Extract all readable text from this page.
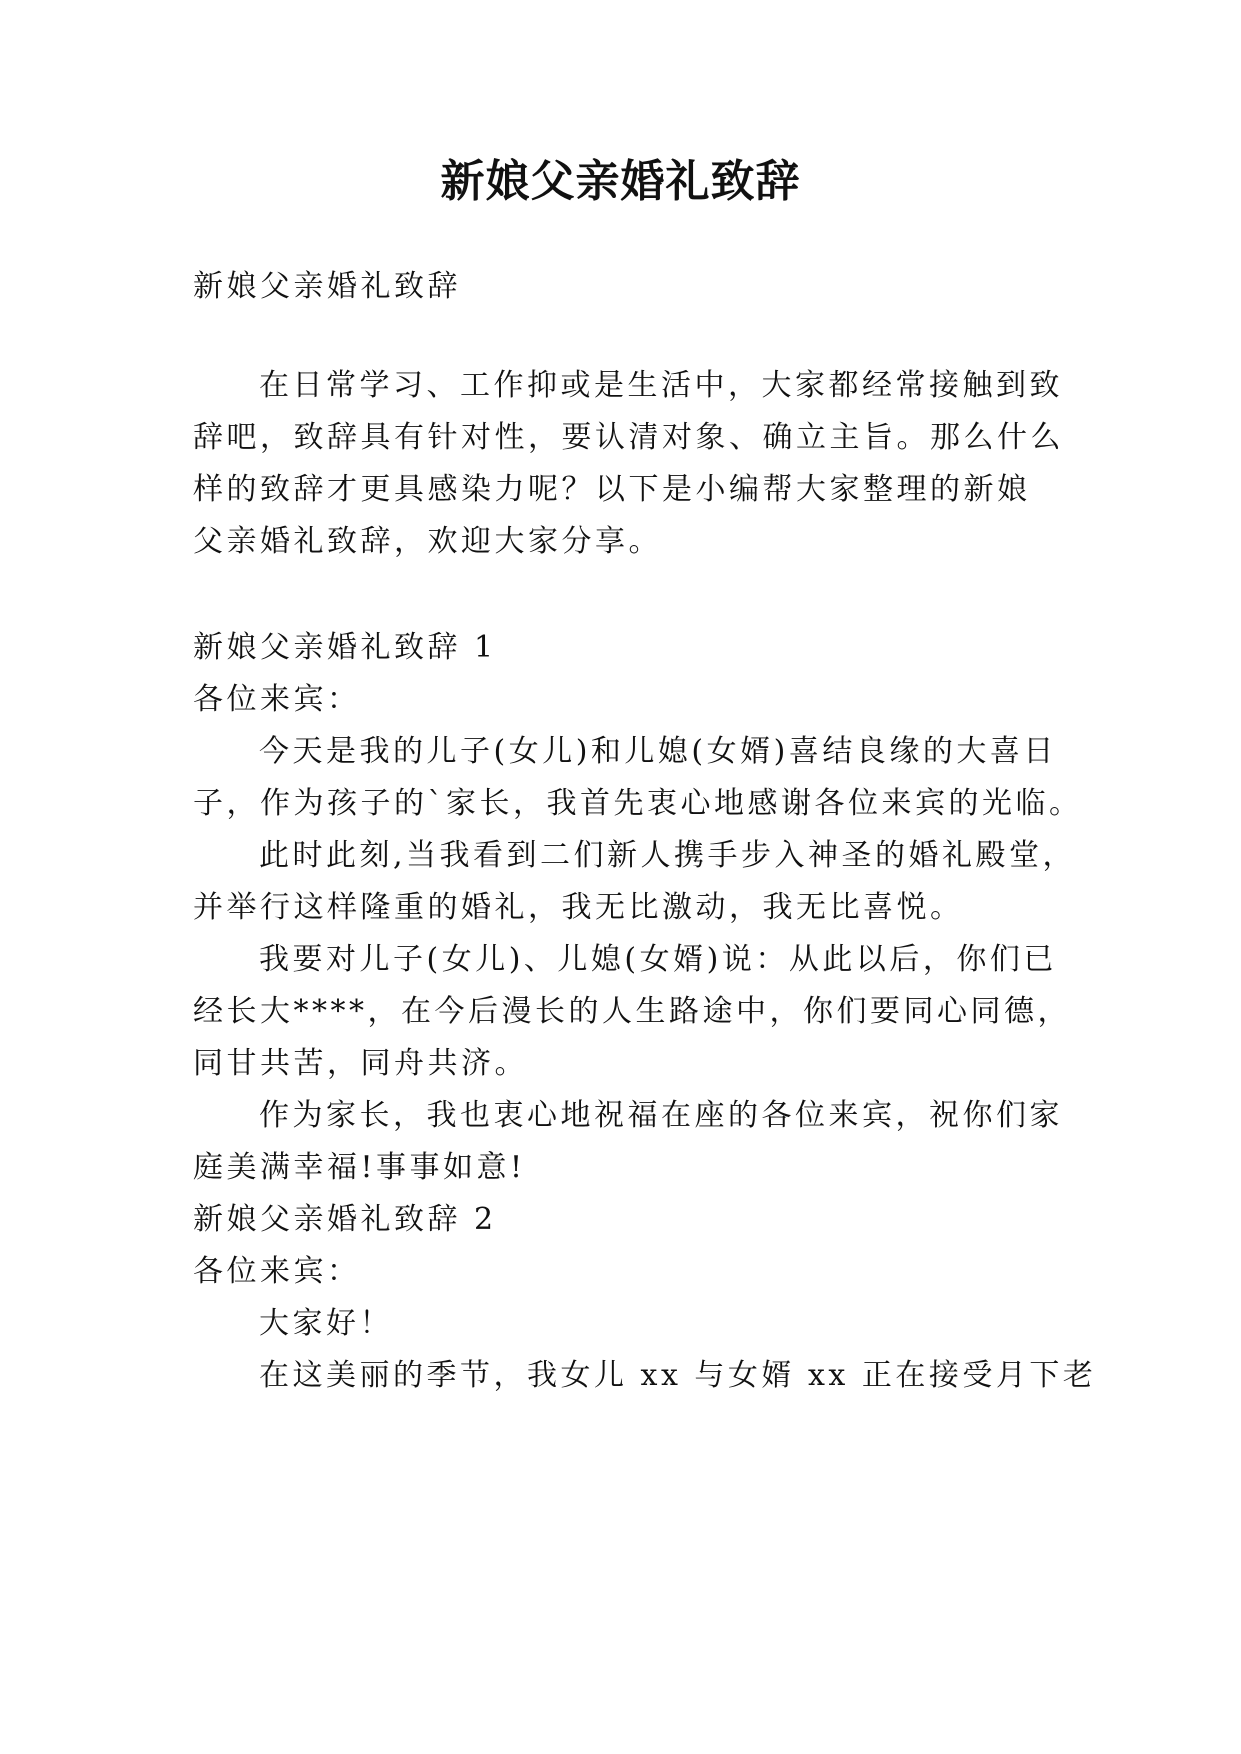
新娘父亲婚礼致辞

新娘父亲婚礼致辞

在日常学习、工作抑或是生活中，大家都经常接触到致

辞吧，致辞具有针对性，要认清对象、确立主旨。那么什么

样的致辞才更具感染力呢？以下是小编帮大家整理的新娘

父亲婚礼致辞，欢迎大家分享。

新娘父亲婚礼致辞 1

各位来宾：

今天是我的儿子(女儿)和儿媳(女婿)喜结良缘的大喜日

子，作为孩子的`家长，我首先衷心地感谢各位来宾的光临。

此时此刻,当我看到二们新人携手步入神圣的婚礼殿堂，

并举行这样隆重的婚礼，我无比激动，我无比喜悦。

我要对儿子(女儿)、儿媳(女婿)说：从此以后，你们已

经长大****，在今后漫长的人生路途中，你们要同心同德，

同甘共苦，同舟共济。

作为家长，我也衷心地祝福在座的各位来宾，祝你们家

庭美满幸福!事事如意!

新娘父亲婚礼致辞 2

各位来宾：

大家好！

在这美丽的季节，我女儿 xx 与女婿 xx 正在接受月下老
